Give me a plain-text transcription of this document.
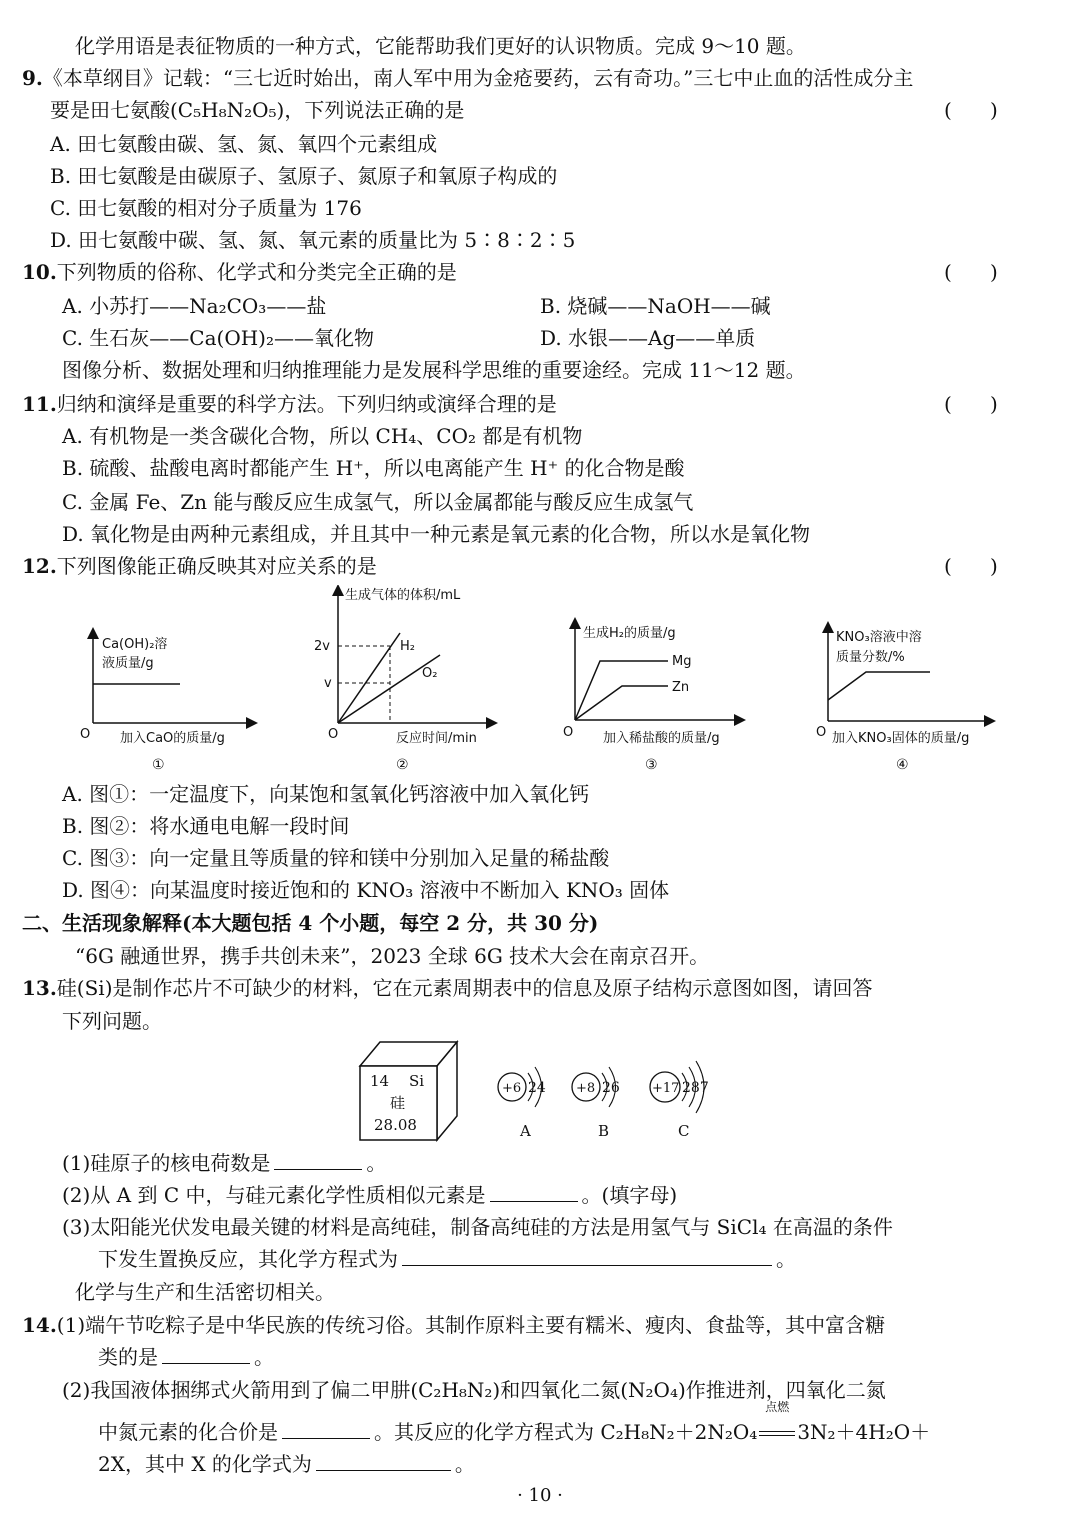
化学用语是表征物质的一种方式，它能帮助我们更好的认识物质。完成 9～10 题。
9.《本草纲目》记载：“三七近时始出，南人军中用为金疮要药，云有奇功。”三七中止血的活性成分主
要是田七氨酸(C₅H₈N₂O₅)，下列说法正确的是	(      )
A. 田七氨酸由碳、氢、氮、氧四个元素组成
B. 田七氨酸是由碳原子、氢原子、氮原子和氧原子构成的
C. 田七氨酸的相对分子质量为 176
D. 田七氨酸中碳、氢、氮、氧元素的质量比为 5∶8∶2∶5
10.下列物质的俗称、化学式和分类完全正确的是	(      )
A. 小苏打——Na₂CO₃——盐	B. 烧碱——NaOH——碱
C. 生石灰——Ca(OH)₂——氧化物	D. 水银——Ag——单质
图像分析、数据处理和归纳推理能力是发展科学思维的重要途经。完成 11～12 题。
11.归纳和演绎是重要的科学方法。下列归纳或演绎合理的是	(      )
A. 有机物是一类含碳化合物，所以 CH₄、CO₂ 都是有机物
B. 硫酸、盐酸电离时都能产生 H⁺，所以电离能产生 H⁺ 的化合物是酸
C. 金属 Fe、Zn 能与酸反应生成氢气，所以金属都能与酸反应生成氢气
D. 氧化物是由两种元素组成，并且其中一种元素是氧元素的化合物，所以水是氧化物
12.下列图像能正确反映其对应关系的是	(      )
Ca(OH)₂溶
液质量/g
O 加入CaO的质量/g
①
生成气体的体积/mL
2v
v
H₂
O₂
O	反应时间/min
②
生成H₂的质量/g
Mg
Zn
O 加入稀盐酸的质量/g
③
KNO₃溶液中溶
质量分数/%
O 加入KNO₃固体的质量/g
④
A. 图①：一定温度下，向某饱和氢氧化钙溶液中加入氧化钙
B. 图②：将水通电电解一段时间
C. 图③：向一定量且等质量的锌和镁中分别加入足量的稀盐酸
D. 图④：向某温度时接近饱和的 KNO₃ 溶液中不断加入 KNO₃ 固体
二、生活现象解释(本大题包括 4 个小题，每空 2 分，共 30 分)
“6G 融通世界，携手共创未来”，2023 全球 6G 技术大会在南京召开。
13.硅(Si)是制作芯片不可缺少的材料，它在元素周期表中的信息及原子结构示意图如图，请回答
下列问题。
14 Si
硅
28.08
+6 24
A
+8 26
B
+17 287
C
(1)硅原子的核电荷数是	。
(2)从 A 到 C 中，与硅元素化学性质相似元素是	。(填字母)
(3)太阳能光伏发电最关键的材料是高纯硅，制备高纯硅的方法是用氢气与 SiCl₄ 在高温的条件
下发生置换反应，其化学方程式为	。
化学与生产和生活密切相关。
14.(1)端午节吃粽子是中华民族的传统习俗。其制作原料主要有糯米、瘦肉、食盐等，其中富含糖
类的是	。
(2)我国液体捆绑式火箭用到了偏二甲肼(C₂H₈N₂)和四氧化二氮(N₂O₄)作推进剂，四氧化二氮
中氮元素的化合价是	。其反应的化学方程式为 C₂H₈N₂＋2N₂O₄
点燃
3N₂＋4H₂O＋
2X，其中 X 的化学式为	。
· 10 ·
